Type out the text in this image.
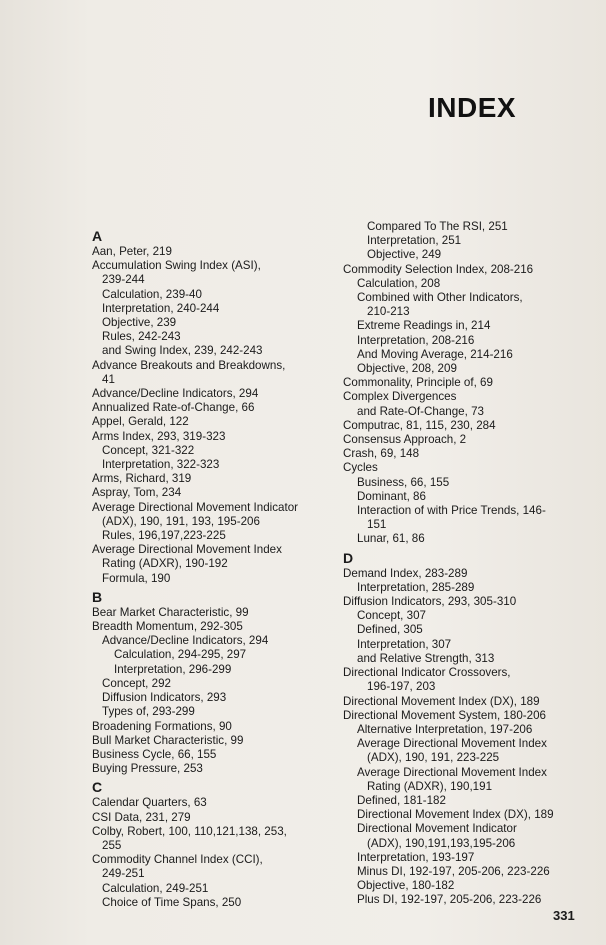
INDEX
A
Aan, Peter, 219
Accumulation Swing Index (ASI),
239-244
Calculation, 239-40
Interpretation, 240-244
Objective, 239
Rules, 242-243
and Swing Index, 239, 242-243
Advance Breakouts and Breakdowns,
41
Advance/Decline Indicators, 294
Annualized Rate-of-Change, 66
Appel, Gerald, 122
Arms Index, 293, 319-323
Concept, 321-322
Interpretation, 322-323
Arms, Richard, 319
Aspray, Tom, 234
Average Directional Movement Indicator
(ADX), 190, 191, 193, 195-206
Rules, 196,197,223-225
Average Directional Movement Index
Rating (ADXR), 190-192
Formula, 190
B
Bear Market Characteristic, 99
Breadth Momentum, 292-305
Advance/Decline Indicators, 294
Calculation, 294-295, 297
Interpretation, 296-299
Concept, 292
Diffusion Indicators, 293
Types of, 293-299
Broadening Formations, 90
Bull Market Characteristic, 99
Business Cycle, 66, 155
Buying Pressure, 253
C
Calendar Quarters, 63
CSI Data, 231, 279
Colby, Robert, 100, 110,121,138, 253,
255
Commodity Channel Index (CCI),
249-251
Calculation, 249-251
Choice of Time Spans, 250
Compared To The RSI, 251
Interpretation, 251
Objective, 249
Commodity Selection Index, 208-216
Calculation, 208
Combined with Other Indicators,
210-213
Extreme Readings in, 214
Interpretation, 208-216
And Moving Average, 214-216
Objective, 208, 209
Commonality, Principle of, 69
Complex Divergences
and Rate-Of-Change, 73
Computrac, 81, 115, 230, 284
Consensus Approach, 2
Crash, 69, 148
Cycles
Business, 66, 155
Dominant, 86
Interaction of with Price Trends, 146-
151
Lunar, 61, 86
D
Demand Index, 283-289
Interpretation, 285-289
Diffusion Indicators, 293, 305-310
Concept, 307
Defined, 305
Interpretation, 307
and Relative Strength, 313
Directional Indicator Crossovers,
196-197, 203
Directional Movement Index (DX), 189
Directional Movement System, 180-206
Alternative Interpretation, 197-206
Average Directional Movement Index
(ADX), 190, 191, 223-225
Average Directional Movement Index
Rating (ADXR), 190,191
Defined, 181-182
Directional Movement Index (DX), 189
Directional Movement Indicator
(ADX), 190,191,193,195-206
Interpretation, 193-197
Minus DI, 192-197, 205-206, 223-226
Objective, 180-182
Plus DI, 192-197, 205-206, 223-226
331
